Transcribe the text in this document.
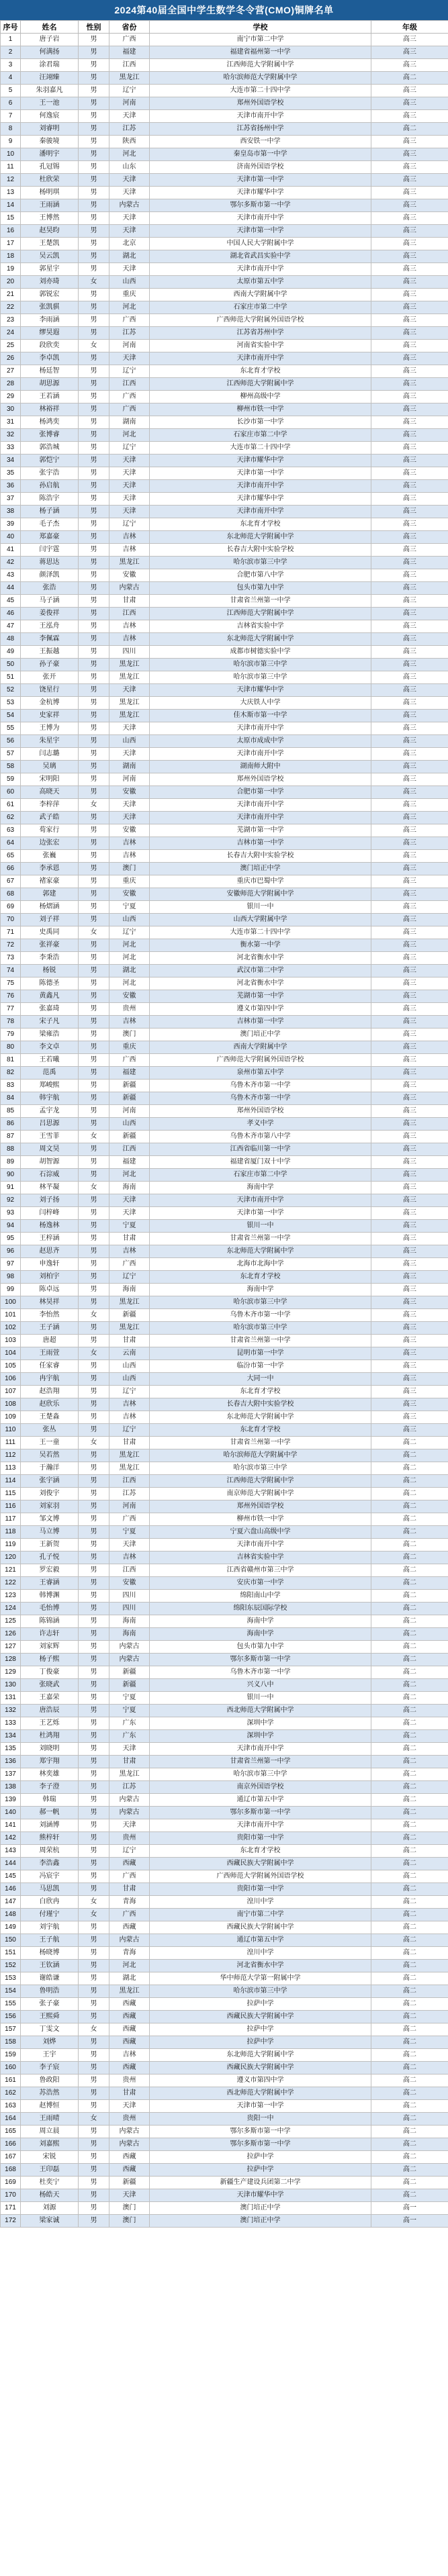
2024第40届全国中学生数学冬令营(CMO)铜牌名单
序号	姓名	性别	省份	学校	年级
1	唐子岩	男	广西	南宁市第二中学	高三
2	何满扬	男	福建	福建省福州第一中学	高三
3	涂君瑞	男	江西	江西师范大学附属中学	高三
4	汪翊臻	男	黑龙江	哈尔滨师范大学附属中学	高二
5	朱羽嘉凡	男	辽宁	大连市第二十四中学	高三
6	王一池	男	河南	郑州外国语学校	高三
7	何逸宸	男	天津	天津市南开中学	高三
8	刘睿明	男	江苏	江苏省扬州中学	高二
9	秦骏境	男	陕西	西安铁一中学	高三
10	潘明宇	男	河北	秦皇岛市第一中学	高三
11	孔冠锡	男	山东	济南外国语学校	高三
12	杜欣荣	男	天津	天津市第一中学	高三
13	杨明琪	男	天津	天津市耀华中学	高三
14	王雨涵	男	内蒙古	鄂尔多斯市第一中学	高三
15	王博然	男	天津	天津市南开中学	高三
16	赵昊昀	男	天津	天津市第一中学	高三
17	王楚凯	男	北京	中国人民大学附属中学	高三
18	吴云凯	男	湖北	湖北省武昌实验中学	高三
19	郭星宇	男	天津	天津市南开中学	高三
20	刘亦琦	女	山西	太原市第五中学	高三
21	郭锐宏	男	重庆	西南大学附属中学	高三
22	张凯骐	男	河北	石家庄市第二中学	高三
23	李雨涵	男	广西	广西师范大学附属外国语学校	高三
24	缪昊遐	男	江苏	江苏省苏州中学	高三
25	段欣奕	女	河南	河南省实验中学	高三
26	李卓凯	男	天津	天津市南开中学	高三
27	杨廷智	男	辽宁	东北育才学校	高三
28	胡思源	男	江西	江西师范大学附属中学	高三
29	王若涵	男	广西	柳州高级中学	高三
30	林裕祥	男	广西	柳州市铁一中学	高三
31	杨鸿奕	男	湖南	长沙市第一中学	高三
32	张博睿	男	河北	石家庄市第二中学	高三
33	郭浩城	男	辽宁	大连市第二十四中学	高三
34	郭恺宁	男	天津	天津市耀华中学	高三
35	张宇浩	男	天津	天津市第一中学	高三
36	孙启航	男	天津	天津市南开中学	高三
37	陈浩宇	男	天津	天津市耀华中学	高三
38	杨子涵	男	天津	天津市南开中学	高三
39	毛子杰	男	辽宁	东北育才学校	高三
40	郑嘉豪	男	吉林	东北师范大学附属中学	高三
41	闫宇霆	男	吉林	长春吉大附中实验学校	高三
42	蒋思达	男	黑龙江	哈尔滨市第三中学	高三
43	颜泽凯	男	安徽	合肥市第八中学	高三
44	张浩	男	内蒙古	包头市第九中学	高三
45	马子涵	男	甘肃	甘肃省兰州第一中学	高三
46	姜俊祥	男	江西	江西师范大学附属中学	高三
47	王泓舟	男	吉林	吉林省实验中学	高三
48	李佩霖	男	吉林	东北师范大学附属中学	高三
49	王振越	男	四川	成都市树德实验中学	高三
50	孙子豪	男	黑龙江	哈尔滨市第三中学	高三
51	张开	男	黑龙江	哈尔滨市第三中学	高三
52	饶星行	男	天津	天津市耀华中学	高三
53	金杭博	男	黑龙江	大庆铁人中学	高三
54	史家祥	男	黑龙江	佳木斯市第一中学	高三
55	王博为	男	天津	天津市南开中学	高三
56	朱星宇	男	山西	太原市成成中学	高三
57	闫志璐	男	天津	天津市南开中学	高三
58	吴璃	男	湖南	湖南师大附中	高三
59	宋明阳	男	河南	郑州外国语学校	高三
60	高晓天	男	安徽	合肥市第一中学	高三
61	李梓萍	女	天津	天津市南开中学	高三
62	武子皓	男	天津	天津市南开中学	高三
63	荀家行	男	安徽	芜湖市第一中学	高三
64	边张宏	男	吉林	吉林市第一中学	高三
65	张巍	男	吉林	长春吉大附中实验学校	高三
66	李承恩	男	澳门	澳门培正中学	高三
67	褚家豪	男	重庆	重庆市巴蜀中学	高三
68	郭建	男	安徽	安徽师范大学附属中学	高三
69	杨熠涵	男	宁夏	银川一中	高三
70	刘子祥	男	山西	山西大学附属中学	高三
71	史禹同	女	辽宁	大连市第二十四中学	高三
72	张祥豪	男	河北	衡水第一中学	高三
73	李秉浩	男	河北	河北省衡水中学	高三
74	杨锐	男	湖北	武汉市第二中学	高三
75	陈德圣	男	河北	河北省衡水中学	高三
76	黄鑫凡	男	安徽	芜湖市第一中学	高三
77	张嘉琦	男	贵州	遵义市第四中学	高三
78	宋子凡	男	吉林	吉林市第一中学	高三
79	梁雍浩	男	澳门	澳门培正中学	高三
80	李文卓	男	重庆	西南大学附属中学	高三
81	王若曦	男	广西	广西师范大学附属外国语学校	高三
82	范禹	男	福建	泉州市第五中学	高三
83	郑峻熙	男	新疆	乌鲁木齐市第一中学	高三
84	韩宇航	男	新疆	乌鲁木齐市第一中学	高三
85	孟宇龙	男	河南	郑州外国语学校	高三
86	吕思源	男	山西	孝义中学	高三
87	王雪菲	女	新疆	乌鲁木齐市第八中学	高三
88	周文昊	男	江西	江西省临川第一中学	高三
89	胡智源	男	福建	福建省厦门双十中学	高三
90	石淙威	男	河北	石家庄市第二中学	高三
91	林芊凝	女	海南	海南中学	高三
92	刘子扬	男	天津	天津市南开中学	高三
93	闫梓峰	男	天津	天津市第一中学	高三
94	杨逸林	男	宁夏	银川一中	高三
95	王梓涵	男	甘肃	甘肃省兰州第一中学	高三
96	赵思齐	男	吉林	东北师范大学附属中学	高三
97	申逸轩	男	广西	北海市北海中学	高三
98	刘柏宇	男	辽宁	东北育才学校	高三
99	陈卓远	男	海南	海南中学	高三
100	林昊祥	男	黑龙江	哈尔滨市第三中学	高三
101	李怡然	女	新疆	乌鲁木齐市第一中学	高三
102	王子涵	男	黑龙江	哈尔滨市第三中学	高三
103	唐超	男	甘肃	甘肃省兰州第一中学	高三
104	王雨萱	女	云南	昆明市第一中学	高三
105	任家睿	男	山西	临汾市第一中学	高三
106	冉宇航	男	山西	大同一中	高三
107	赵浩翔	男	辽宁	东北育才学校	高三
108	赵欣乐	男	吉林	长春吉大附中实验学校	高三
109	王楚淼	男	吉林	东北师范大学附属中学	高三
110	张丛	男	辽宁	东北育才学校	高三
111	王一童	女	甘肃	甘肃省兰州第一中学	高二
112	吴若然	男	黑龙江	哈尔滨师范大学附属中学	高二
113	于瀚洋	男	黑龙江	哈尔滨市第三中学	高二
114	张宇涵	男	江西	江西师范大学附属中学	高二
115	刘俊宇	男	江苏	南京师范大学附属中学	高二
116	刘家羽	男	河南	郑州外国语学校	高二
117	邹文博	男	广西	柳州市铁一中学	高二
118	马立博	男	宁夏	宁夏六盘山高级中学	高二
119	王新贺	男	天津	天津市南开中学	高二
120	孔子悦	男	吉林	吉林省实验中学	高二
121	罗宏毅	男	江西	江西省赣州市第三中学	高二
122	王睿涵	男	安徽	安庆市第一中学	高二
123	韩博渊	男	四川	绵阳南山中学	高二
124	毛怡博	男	四川	绵阳东辰国际学校	高二
125	陈锦涵	男	海南	海南中学	高二
126	许志轩	男	海南	海南中学	高二
127	刘家辉	男	内蒙古	包头市第九中学	高二
128	杨子熙	男	内蒙古	鄂尔多斯市第一中学	高二
129	丁俊豪	男	新疆	乌鲁木齐市第一中学	高二
130	张晓武	男	新疆	兴义八中	高二
131	王嘉荣	男	宁夏	银川一中	高二
132	唐浩辰	男	宁夏	西北师范大学附属中学	高二
133	王艺烁	男	广东	深圳中学	高二
134	杜鸿翔	男	广东	深圳中学	高二
135	刘晓明	男	天津	天津市南开中学	高二
136	郑宇翔	男	甘肃	甘肃省兰州第一中学	高二
137	林奕雄	男	黑龙江	哈尔滨市第三中学	高二
138	李子澄	男	江苏	南京外国语学校	高二
139	韩瑞	男	内蒙古	通辽市第五中学	高二
140	郝一帆	男	内蒙古	鄂尔多斯市第一中学	高二
141	刘涵博	男	天津	天津市南开中学	高二
142	熊梓轩	男	贵州	贵阳市第一中学	高二
143	周荣杭	男	辽宁	东北育才学校	高二
144	李浩鑫	男	西藏	西藏民族大学附属中学	高二
145	冯宸宇	男	广西	广西师范大学附属外国语学校	高二
146	马思凯	男	甘肃	贵阳市第一中学	高二
147	白欣冉	女	青海	湟川中学	高二
148	付瑾宁	女	广西	南宁市第二中学	高二
149	刘宇航	男	西藏	西藏民族大学附属中学	高二
150	王子航	男	内蒙古	通辽市第五中学	高二
151	杨晓博	男	青海	湟川中学	高二
152	王钦涵	男	河北	河北省衡水中学	高二
153	谢皓谦	男	湖北	华中师范大学第一附属中学	高二
154	鲁明浩	男	黑龙江	哈尔滨市第三中学	高二
155	张子豪	男	西藏	拉萨中学	高二
156	王熙舜	男	西藏	西藏民族大学附属中学	高二
157	丁雯文	女	西藏	拉萨中学	高二
158	刘烨	男	西藏	拉萨中学	高二
159	王宇	男	吉林	东北师范大学附属中学	高二
160	李子宸	男	西藏	西藏民族大学附属中学	高二
161	鲁政阳	男	贵州	遵义市第四中学	高二
162	苏浩然	男	甘肃	西北师范大学附属中学	高二
163	赵博恒	男	天津	天津市第一中学	高二
164	王雨晴	女	贵州	贵阳一中	高二
165	周立晨	男	内蒙古	鄂尔多斯市第一中学	高二
166	刘嘉熙	男	内蒙古	鄂尔多斯市第一中学	高二
167	宋锐	男	西藏	拉萨中学	高二
168	王印磊	男	西藏	拉萨中学	高二
169	杜奕宁	男	新疆	新疆生产建设兵团第二中学	高二
170	杨皓天	男	天津	天津市耀华中学	高二
171	刘源	男	澳门	澳门培正中学	高一
172	梁家诚	男	澳门	澳门培正中学	高一
